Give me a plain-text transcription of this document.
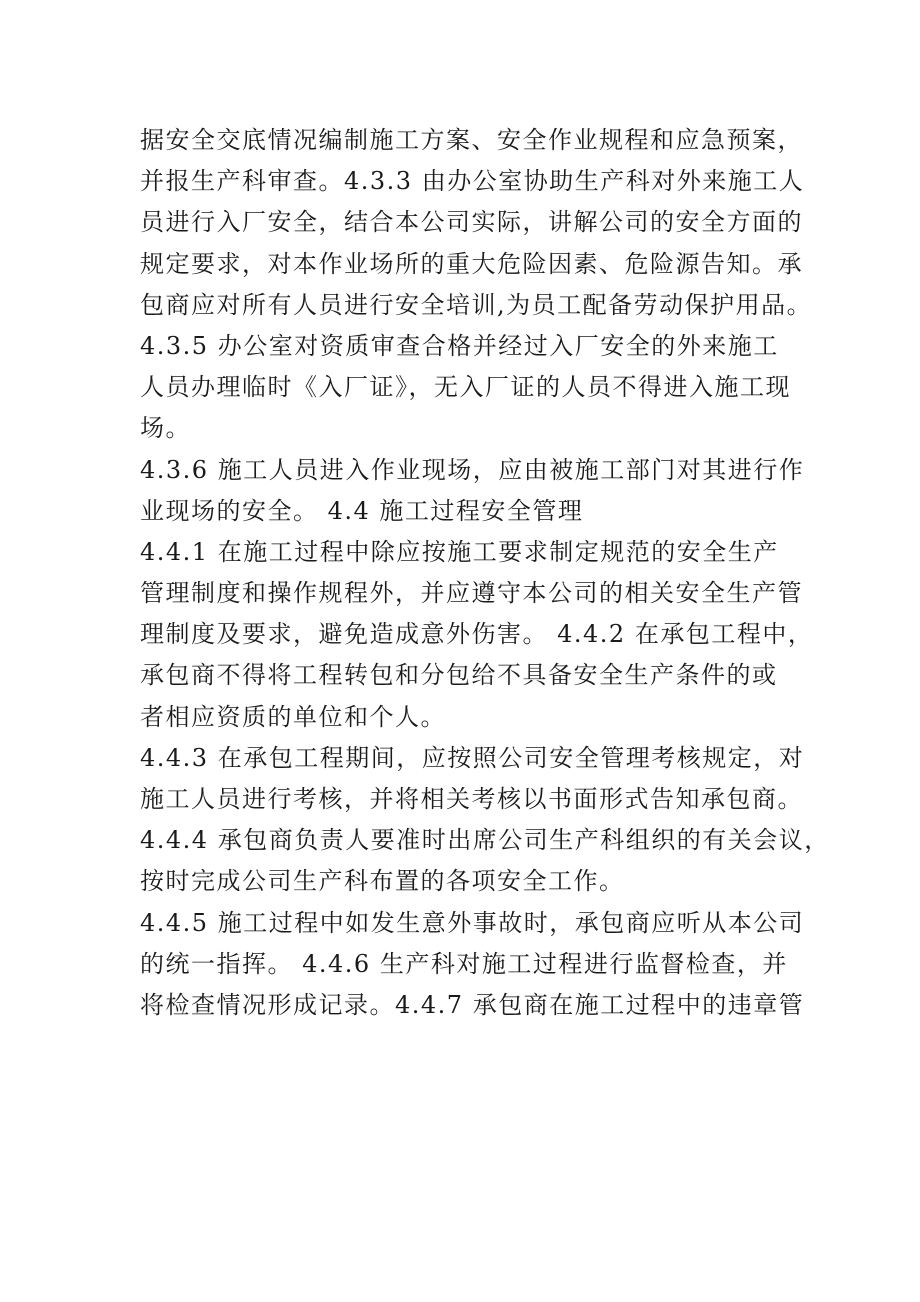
据安全交底情况编制施工方案、安全作业规程和应急预案，
并报生产科审查。4.3.3 由办公室协助生产科对外来施工人
员进行入厂安全，结合本公司实际，讲解公司的安全方面的
规定要求，对本作业场所的重大危险因素、危险源告知。承
包商应对所有人员进行安全培训,为员工配备劳动保护用品。
4.3.5 办公室对资质审查合格并经过入厂安全的外来施工
人员办理临时《入厂证》，无入厂证的人员不得进入施工现
场。
4.3.6 施工人员进入作业现场，应由被施工部门对其进行作
业现场的安全。 4.4 施工过程安全管理
4.4.1 在施工过程中除应按施工要求制定规范的安全生产
管理制度和操作规程外，并应遵守本公司的相关安全生产管
理制度及要求，避免造成意外伤害。 4.4.2 在承包工程中，
承包商不得将工程转包和分包给不具备安全生产条件的或
者相应资质的单位和个人。
4.4.3 在承包工程期间，应按照公司安全管理考核规定，对
施工人员进行考核，并将相关考核以书面形式告知承包商。
4.4.4 承包商负责人要准时出席公司生产科组织的有关会议，
按时完成公司生产科布置的各项安全工作。
4.4.5 施工过程中如发生意外事故时，承包商应听从本公司
的统一指挥。 4.4.6 生产科对施工过程进行监督检查，并
将检查情况形成记录。4.4.7 承包商在施工过程中的违章管
